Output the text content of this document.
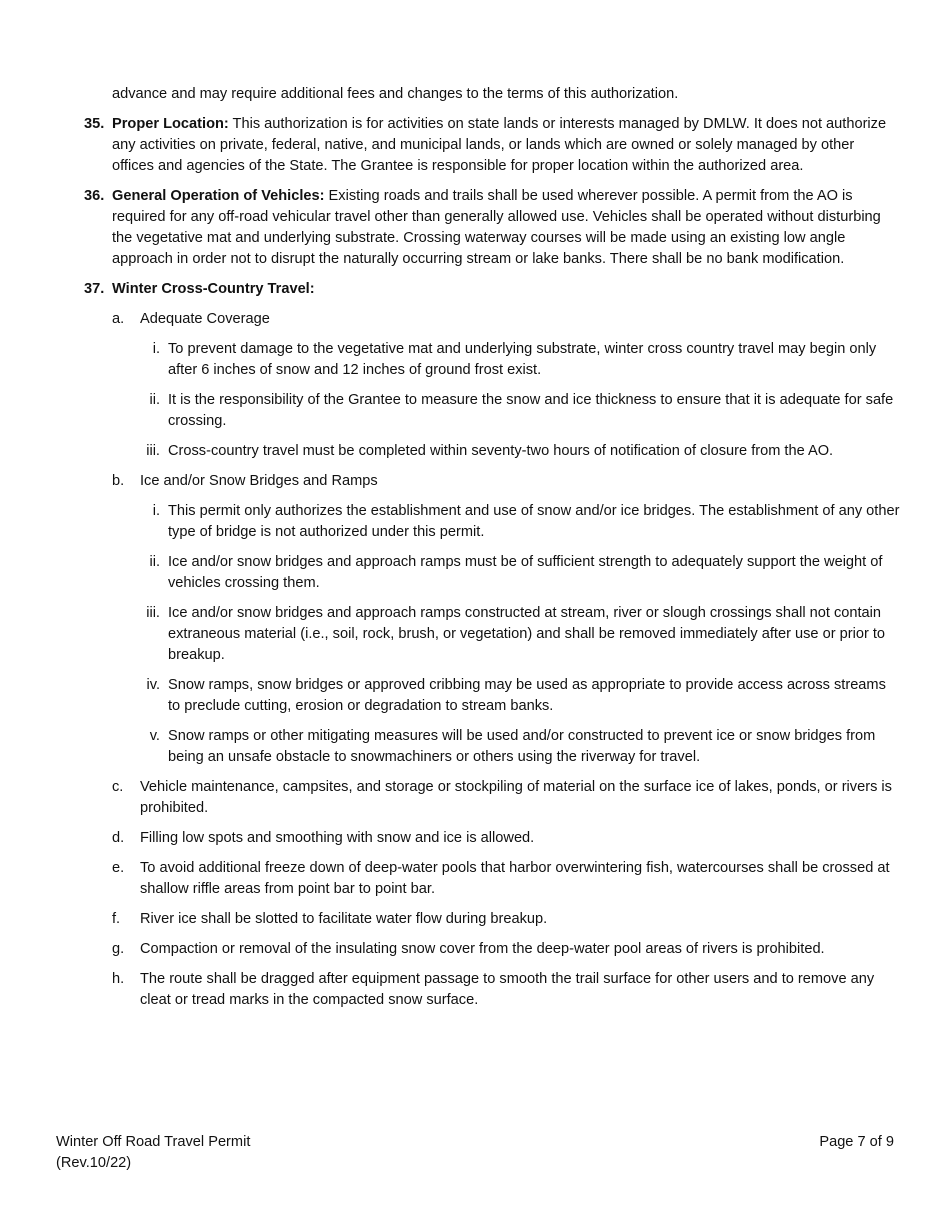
advance and may require additional fees and changes to the terms of this authorization.
35. Proper Location: This authorization is for activities on state lands or interests managed by DMLW. It does not authorize any activities on private, federal, native, and municipal lands, or lands which are owned or solely managed by other offices and agencies of the State. The Grantee is responsible for proper location within the authorized area.

36. General Operation of Vehicles: Existing roads and trails shall be used wherever possible. A permit from the AO is required for any off-road vehicular travel other than generally allowed use. Vehicles shall be operated without disturbing the vegetative mat and underlying substrate. Crossing waterway courses will be made using an existing low angle approach in order not to disrupt the naturally occurring stream or lake banks. There shall be no bank modification.

37. Winter Cross-Country Travel:

a.	Adequate Coverage
i. To prevent damage to the vegetative mat and underlying substrate, winter cross country travel may begin only after 6 inches of snow and 12 inches of ground frost exist.
ii. It is the responsibility of the Grantee to measure the snow and ice thickness to ensure that it is adequate for safe crossing.
iii. Cross-country travel must be completed within seventy-two hours of notification of closure from the AO.
b.	Ice and/or Snow Bridges and Ramps
i. This permit only authorizes the establishment and use of snow and/or ice bridges. The establishment of any other type of bridge is not authorized under this permit.
ii. Ice and/or snow bridges and approach ramps must be of sufficient strength to adequately support the weight of vehicles crossing them.
iii. Ice and/or snow bridges and approach ramps constructed at stream, river or slough crossings shall not contain extraneous material (i.e., soil, rock, brush, or vegetation) and shall be removed immediately after use or prior to breakup.
iv. Snow ramps, snow bridges or approved cribbing may be used as appropriate to provide access across streams to preclude cutting, erosion or degradation to stream banks.
v. Snow ramps or other mitigating measures will be used and/or constructed to prevent ice or snow bridges from being an unsafe obstacle to snowmachiners or others using the riverway for travel.
c.	Vehicle maintenance, campsites, and storage or stockpiling of material on the surface ice of lakes, ponds, or rivers is prohibited.
d.	Filling low spots and smoothing with snow and ice is allowed.
e.	To avoid additional freeze down of deep-water pools that harbor overwintering fish, watercourses shall be crossed at shallow riffle areas from point bar to point bar.
f.	River ice shall be slotted to facilitate water flow during breakup.
g.	Compaction or removal of the insulating snow cover from the deep-water pool areas of rivers is prohibited.
h.	The route shall be dragged after equipment passage to smooth the trail surface for other users and to remove any cleat or tread marks in the compacted snow surface.
Winter Off Road Travel Permit
(Rev.10/22)
Page 7 of 9
